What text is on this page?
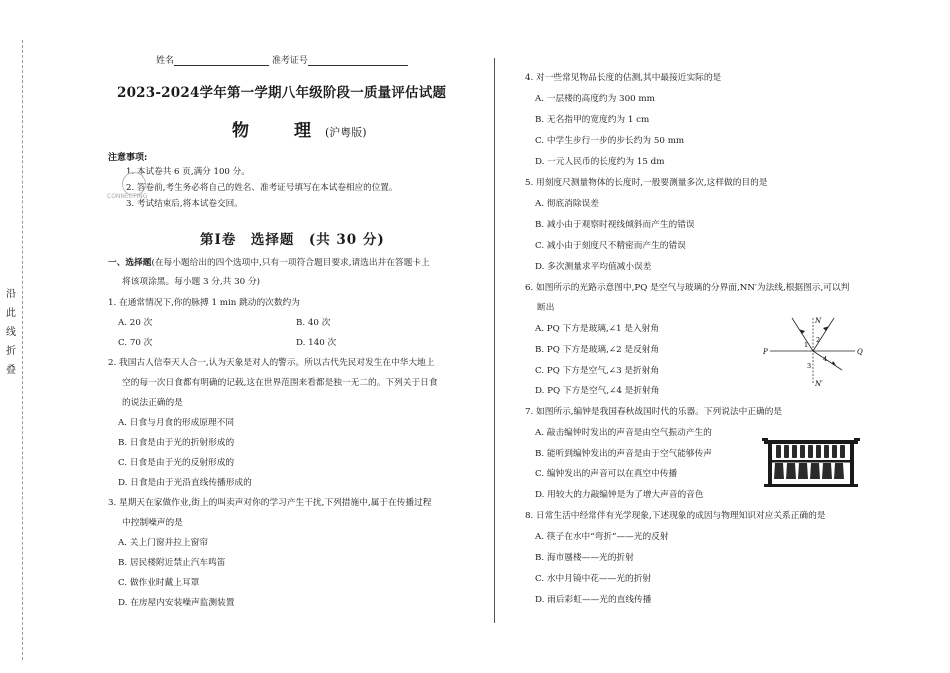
沿
此
线
折
叠
姓名	准考证号
2023-2024学年第一学期八年级阶段一质量评估试题
物　理(沪粤版)
注意事项:
1. 本试卷共 6 页,满分 100 分。
2. 答卷前,考生务必将自己的姓名、准考证号填写在本试卷相应的位置。
3. 考试结束后,将本试卷交回。
CONNECTING
第Ⅰ卷　选择题　(共 30 分)
一、选择题(在每小题给出的四个选项中,只有一项符合题目要求,请选出并在答题卡上
将该项涂黑。每小题 3 分,共 30 分)
1. 在通常情况下,你的脉搏 1 min 跳动的次数约为
A. 20 次	B. 40 次
C. 70 次	D. 140 次
2. 我国古人信奉天人合一,认为天象是对人的警示。所以古代先民对发生在中华大地上
空的每一次日食都有明确的记载,这在世界范围来看都是独一无二的。下列关于日食
的说法正确的是
A. 日食与月食的形成原理不同
B. 日食是由于光的折射形成的
C. 日食是由于光的反射形成的
D. 日食是由于光沿直线传播形成的
3. 星期天在家做作业,街上的叫卖声对你的学习产生干扰,下列措施中,属于在传播过程
中控制噪声的是
A. 关上门窗并拉上窗帘
B. 居民楼附近禁止汽车鸣笛
C. 做作业时戴上耳罩
D. 在房屋内安装噪声监测装置
4. 对一些常见物品长度的估测,其中最接近实际的是
A. 一层楼的高度约为 300 mm
B. 无名指甲的宽度约为 1 cm
C. 中学生步行一步的步长约为 50 mm
D. 一元人民币的长度约为 15 dm
5. 用刻度尺测量物体的长度时,一般要测量多次,这样做的目的是
A. 彻底消除误差
B. 减小由于观察时视线倾斜而产生的错误
C. 减小由于刻度尺不精密而产生的错误
D. 多次测量求平均值减小误差
6. 如图所示的光路示意图中,PQ 是空气与玻璃的分界面,NN′为法线,根据图示,可以判
断出
A. PQ 下方是玻璃,∠1 是入射角
B. PQ 下方是玻璃,∠2 是反射角
C. PQ 下方是空气,∠3 是折射角
D. PQ 下方是空气,∠4 是折射角
N
N′
P	Q
1
2
3
4
7. 如图所示,编钟是我国春秋战国时代的乐器。下列说法中正确的是
A. 敲击编钟时发出的声音是由空气振动产生的
B. 能听到编钟发出的声音是由于空气能够传声
C. 编钟发出的声音可以在真空中传播
D. 用较大的力敲编钟是为了增大声音的音色
8. 日常生活中经常伴有光学现象,下述现象的成因与物理知识对应关系正确的是
A. 筷子在水中“弯折”——光的反射
B. 海市蜃楼——光的折射
C. 水中月镜中花——光的折射
D. 雨后彩虹——光的直线传播
